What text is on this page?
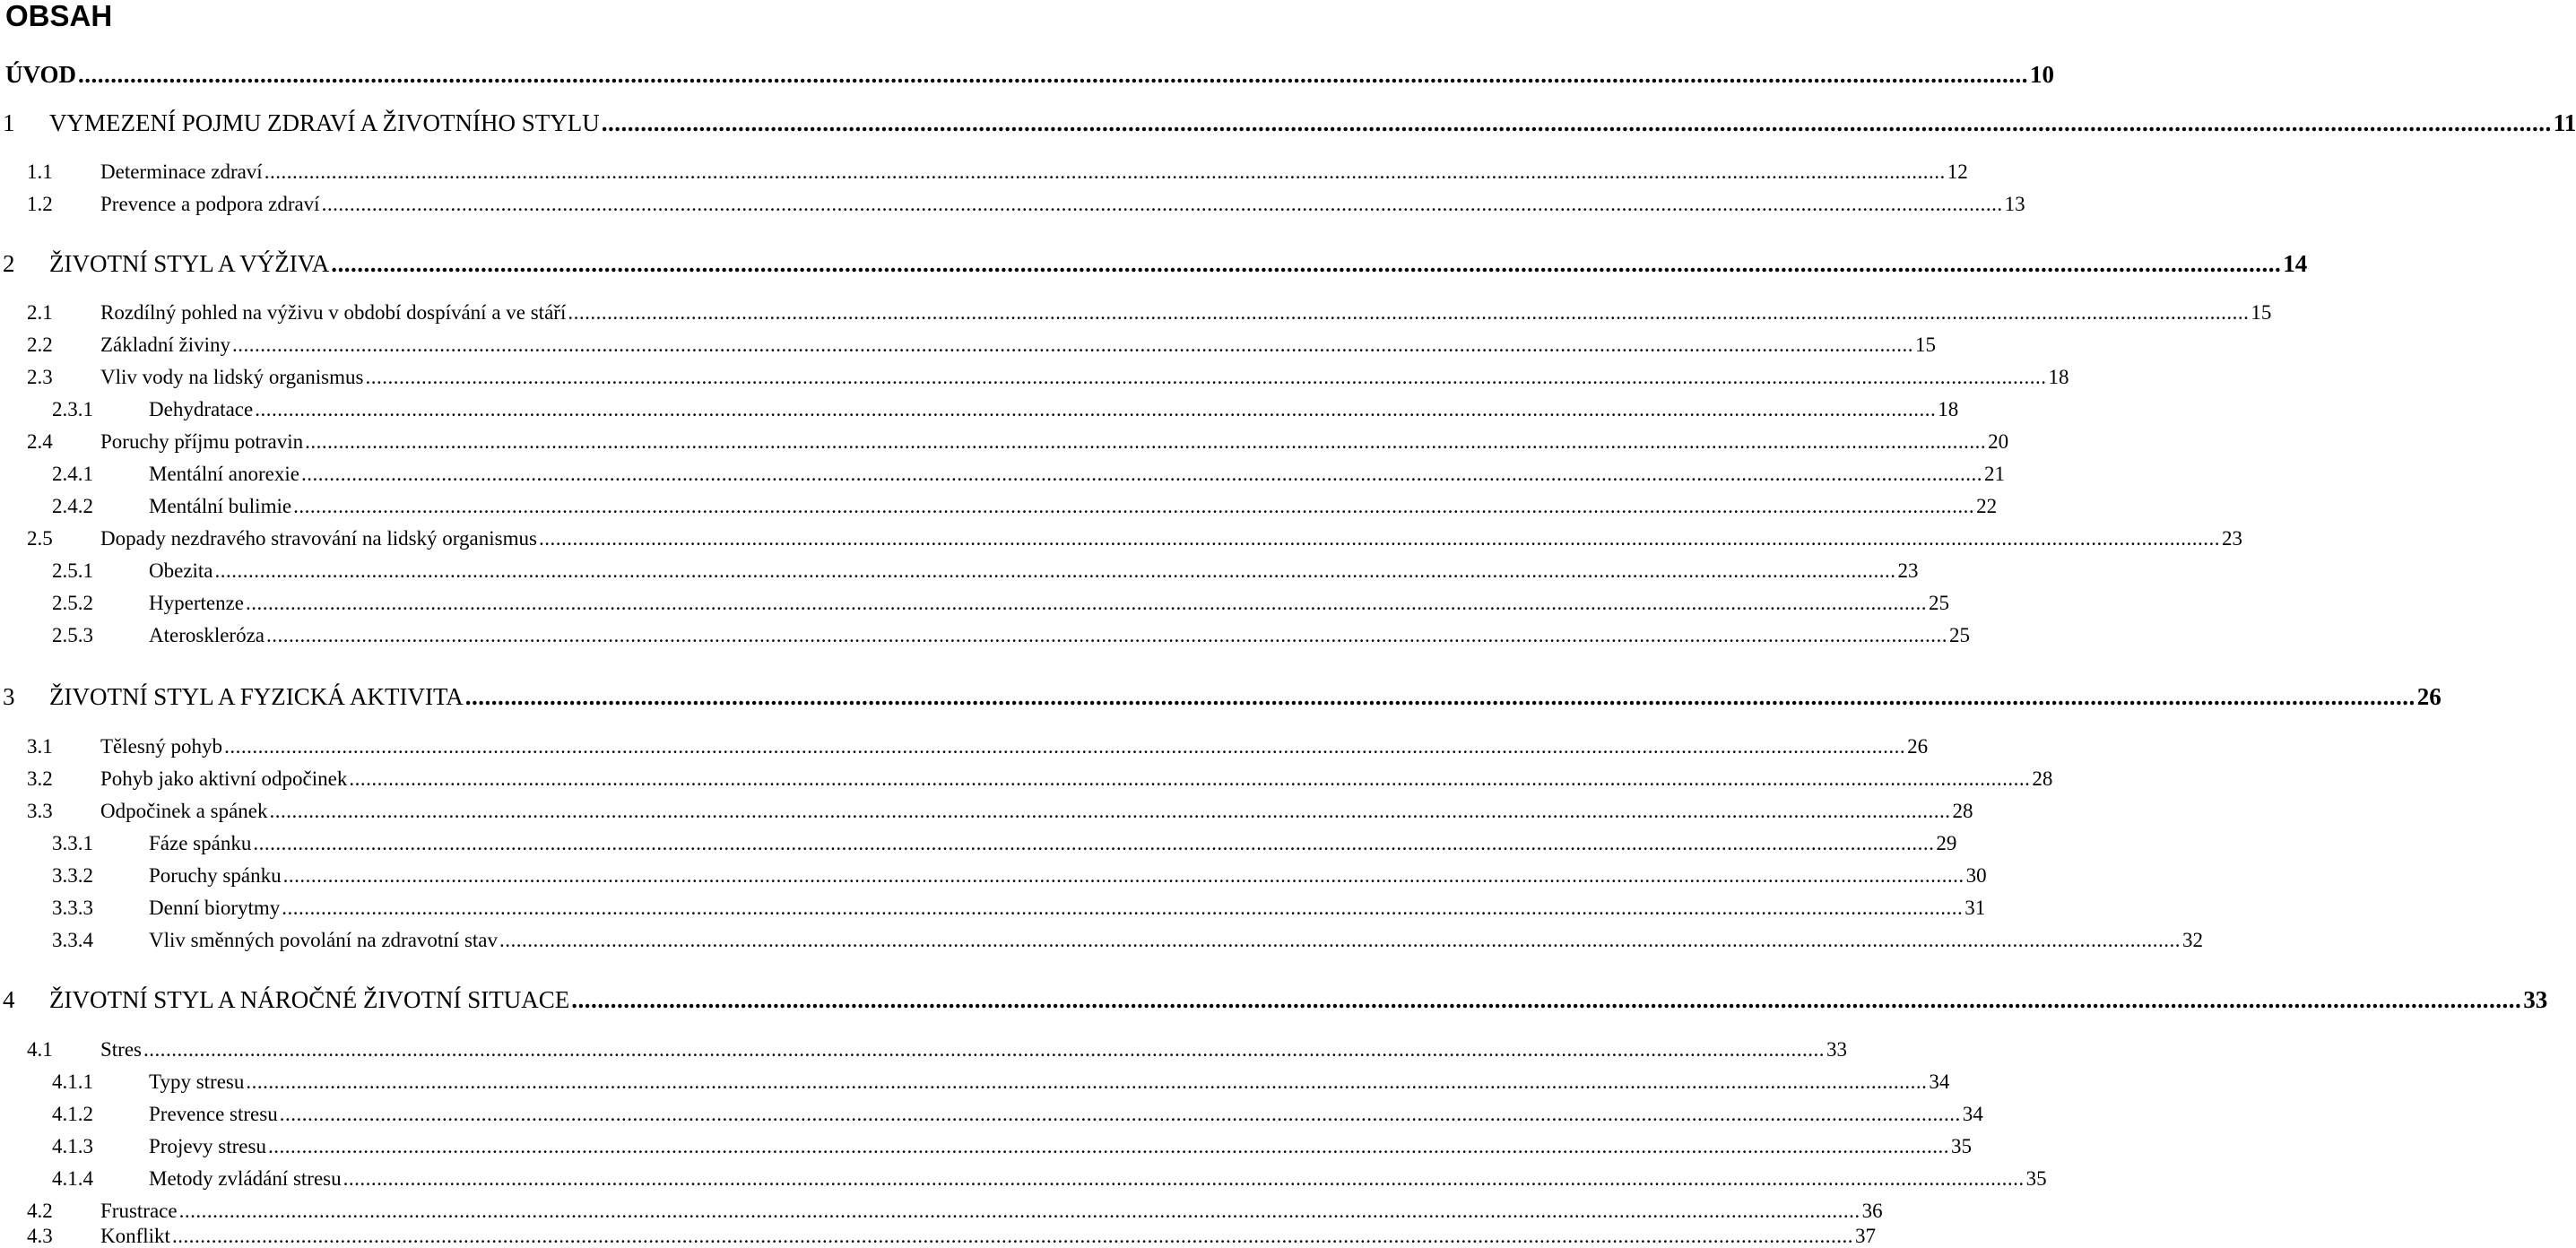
OBSAH
ÚVOD ............................................................................................................................................................................................................................................................................................................ 10
1	VYMEZENÍ POJMU ZDRAVÍ A ŽIVOTNÍHO STYLU ............................................................................................................................................................................................................................................................................................................ 11
1.1	Determinace zdraví ............................................................................................................................................................................................................................................................................................................ 12
1.2	Prevence a podpora zdraví ............................................................................................................................................................................................................................................................................................................ 13
2	ŽIVOTNÍ STYL A VÝŽIVA ............................................................................................................................................................................................................................................................................................................ 14
2.1	Rozdílný pohled na výživu v období dospívání a ve stáří ............................................................................................................................................................................................................................................................................................................ 15
2.2	Základní živiny ............................................................................................................................................................................................................................................................................................................ 15
2.3	Vliv vody na lidský organismus ............................................................................................................................................................................................................................................................................................................ 18
2.3.1	Dehydratace ............................................................................................................................................................................................................................................................................................................ 18
2.4	Poruchy příjmu potravin ............................................................................................................................................................................................................................................................................................................ 20
2.4.1	Mentální anorexie ............................................................................................................................................................................................................................................................................................................ 21
2.4.2	Mentální bulimie ............................................................................................................................................................................................................................................................................................................ 22
2.5	Dopady nezdravého stravování na lidský organismus ............................................................................................................................................................................................................................................................................................................ 23
2.5.1	Obezita ............................................................................................................................................................................................................................................................................................................ 23
2.5.2	Hypertenze ............................................................................................................................................................................................................................................................................................................ 25
2.5.3	Ateroskleróza ............................................................................................................................................................................................................................................................................................................ 25
3	ŽIVOTNÍ STYL A FYZICKÁ AKTIVITA ............................................................................................................................................................................................................................................................................................................ 26
3.1	Tělesný pohyb ............................................................................................................................................................................................................................................................................................................ 26
3.2	Pohyb jako aktivní odpočinek ............................................................................................................................................................................................................................................................................................................ 28
3.3	Odpočinek a spánek ............................................................................................................................................................................................................................................................................................................ 28
3.3.1	Fáze spánku ............................................................................................................................................................................................................................................................................................................ 29
3.3.2	Poruchy spánku ............................................................................................................................................................................................................................................................................................................ 30
3.3.3	Denní biorytmy ............................................................................................................................................................................................................................................................................................................ 31
3.3.4	Vliv směnných povolání na zdravotní stav ............................................................................................................................................................................................................................................................................................................ 32
4	ŽIVOTNÍ STYL A NÁROČNÉ ŽIVOTNÍ SITUACE ............................................................................................................................................................................................................................................................................................................ 33
4.1	Stres ............................................................................................................................................................................................................................................................................................................ 33
4.1.1	Typy stresu ............................................................................................................................................................................................................................................................................................................ 34
4.1.2	Prevence stresu ............................................................................................................................................................................................................................................................................................................ 34
4.1.3	Projevy stresu ............................................................................................................................................................................................................................................................................................................ 35
4.1.4	Metody zvládání stresu ............................................................................................................................................................................................................................................................................................................ 35
4.2	Frustrace ............................................................................................................................................................................................................................................................................................................ 36
4.3	Konflikt ............................................................................................................................................................................................................................................................................................................ 37
